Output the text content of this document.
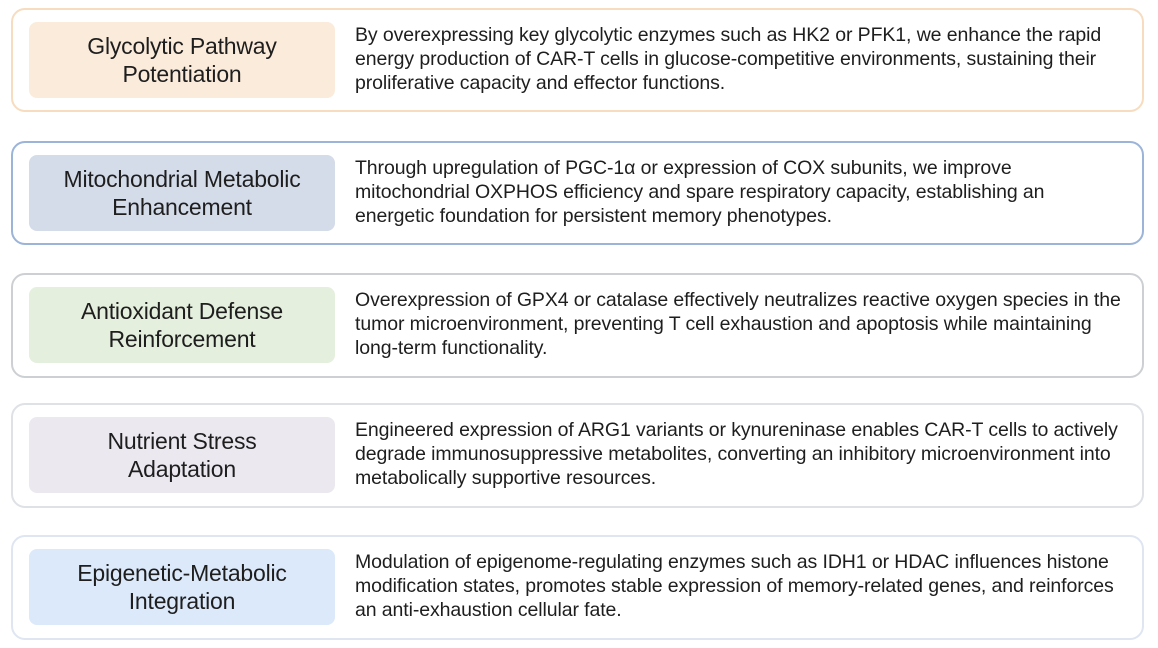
Glycolytic Pathway
Potentiation
By overexpressing key glycolytic enzymes such as HK2 or PFK1, we enhance the rapid energy production of CAR-T cells in glucose-competitive environments, sustaining their proliferative capacity and effector functions.
Mitochondrial Metabolic
Enhancement
Through upregulation of PGC-1α or expression of COX subunits, we improve mitochondrial OXPHOS efficiency and spare respiratory capacity, establishing an energetic foundation for persistent memory phenotypes.
Antioxidant Defense
Reinforcement
Overexpression of GPX4 or catalase effectively neutralizes reactive oxygen species in the tumor microenvironment, preventing T cell exhaustion and apoptosis while maintaining long-term functionality.
Nutrient Stress
Adaptation
Engineered expression of ARG1 variants or kynureninase enables CAR-T cells to actively degrade immunosuppressive metabolites, converting an inhibitory microenvironment into metabolically supportive resources.
Epigenetic-Metabolic
Integration
Modulation of epigenome-regulating enzymes such as IDH1 or HDAC influences histone modification states, promotes stable expression of memory-related genes, and reinforces an anti-exhaustion cellular fate.
